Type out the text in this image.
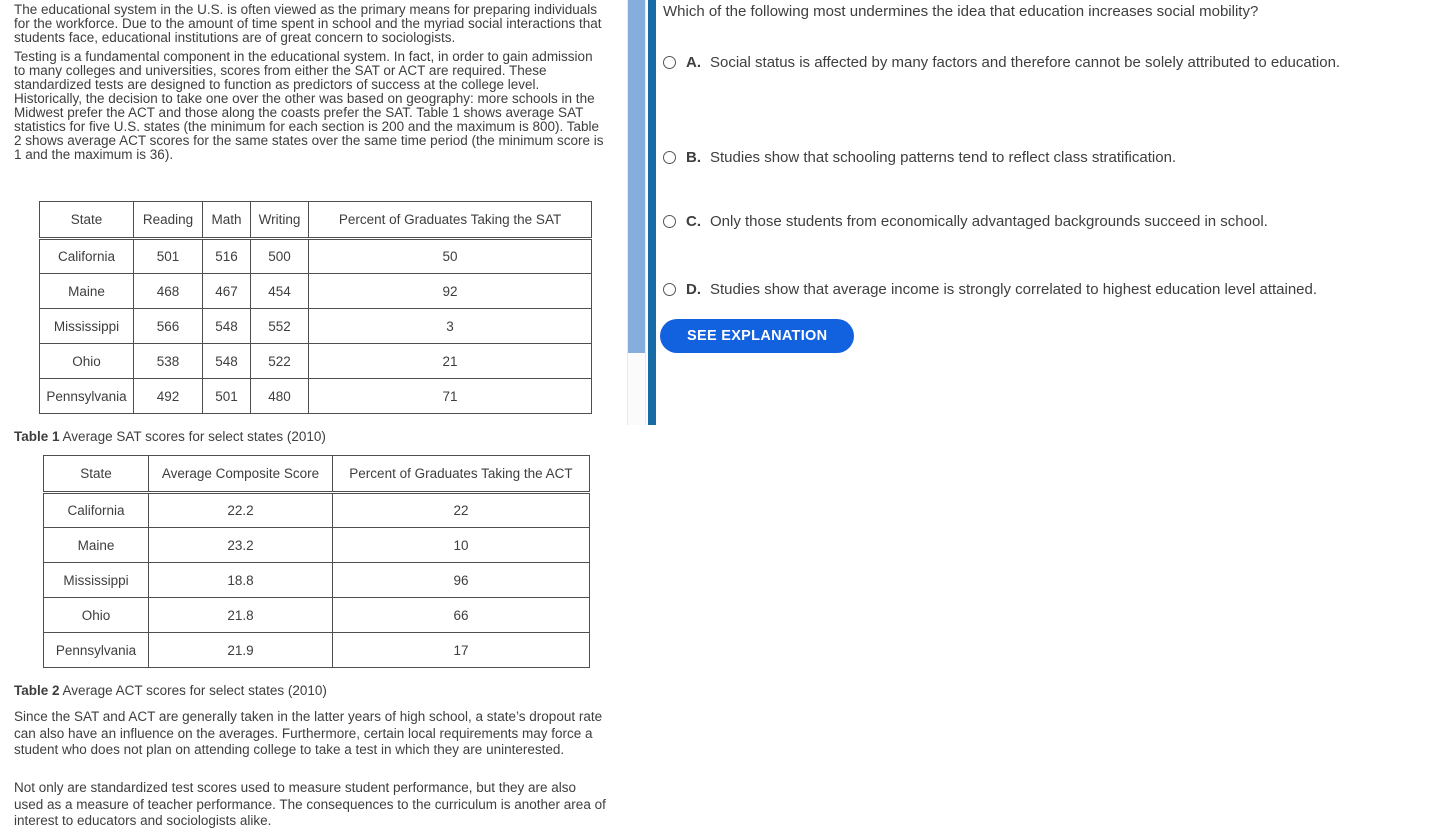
The educational system in the U.S. is often viewed as the primary means for preparing individuals for the workforce. Due to the amount of time spent in school and the myriad social interactions that students face, educational institutions are of great concern to sociologists.

Testing is a fundamental component in the educational system. In fact, in order to gain admission to many colleges and universities, scores from either the SAT or ACT are required. These standardized tests are designed to function as predictors of success at the college level. Historically, the decision to take one over the other was based on geography: more schools in the Midwest prefer the ACT and those along the coasts prefer the SAT. Table 1 shows average SAT statistics for five U.S. states (the minimum for each section is 200 and the maximum is 800). Table 2 shows average ACT scores for the same states over the same time period (the minimum score is 1 and the maximum is 36).

State	Reading	Math	Writing	Percent of Graduates Taking the SAT
California	501	516	500	50
Maine	468	467	454	92
Mississippi	566	548	552	3
Ohio	538	548	522	21
Pennsylvania	492	501	480	71

Table 1 Average SAT scores for select states (2010)

State	Average Composite Score	Percent of Graduates Taking the ACT
California	22.2	22
Maine	23.2	10
Mississippi	18.8	96
Ohio	21.8	66
Pennsylvania	21.9	17

Table 2 Average ACT scores for select states (2010)

Since the SAT and ACT are generally taken in the latter years of high school, a state’s dropout rate can also have an influence on the averages. Furthermore, certain local requirements may force a student who does not plan on attending college to take a test in which they are uninterested.

Not only are standardized test scores used to measure student performance, but they are also used as a measure of teacher performance. The consequences to the curriculum is another area of interest to educators and sociologists alike.

Which of the following most undermines the idea that education increases social mobility?
A. Social status is affected by many factors and therefore cannot be solely attributed to education.
B. Studies show that schooling patterns tend to reflect class stratification.
C. Only those students from economically advantaged backgrounds succeed in school.
D. Studies show that average income is strongly correlated to highest education level attained.
SEE EXPLANATION
